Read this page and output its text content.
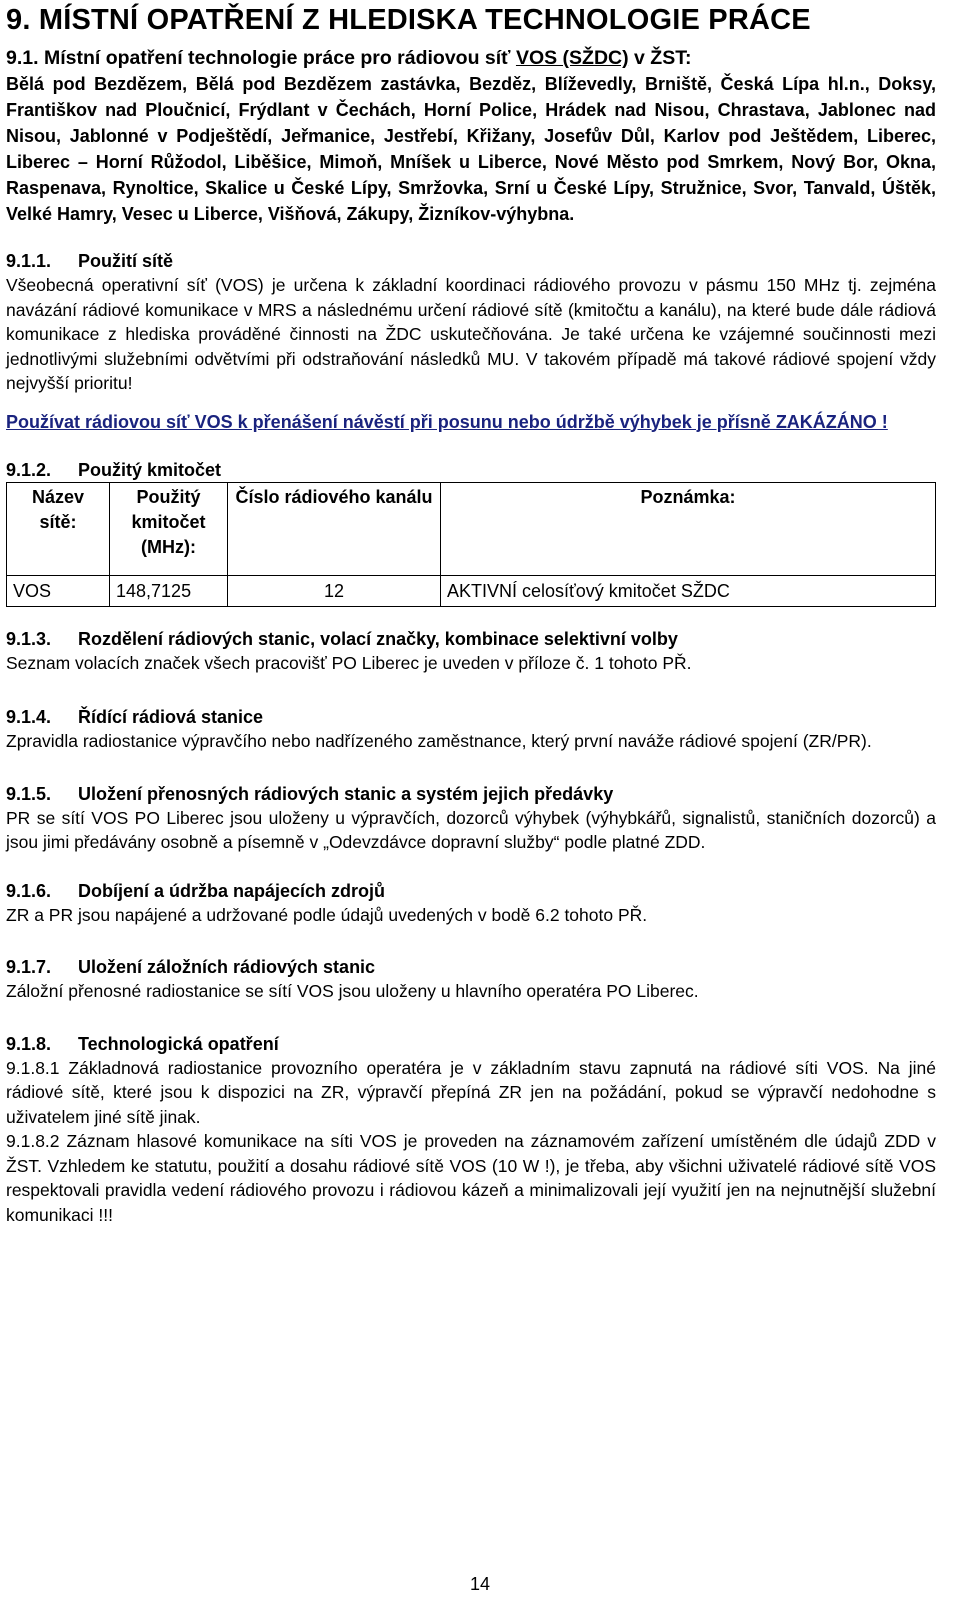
9. MÍSTNÍ OPATŘENÍ Z HLEDISKA TECHNOLOGIE PRÁCE
9.1. Místní opatření technologie práce pro rádiovou síť VOS (SŽDC) v ŽST:
Bělá pod Bezdězem, Bělá pod Bezdězem zastávka, Bezděz, Blíževedly, Brniště, Česká Lípa hl.n., Doksy, Františkov nad Ploučnicí, Frýdlant v Čechách, Horní Police, Hrádek nad Nisou, Chrastava, Jablonec nad Nisou, Jablonné v Podještědí, Jeřmanice, Jestřebí, Křižany, Josefův Důl, Karlov pod Ještědem, Liberec, Liberec – Horní Růžodol, Liběšice, Mimoň, Mníšek u Liberce, Nové Město pod Smrkem, Nový Bor, Okna, Raspenava, Rynoltice, Skalice u České Lípy, Smržovka, Srní u České Lípy, Stružnice, Svor, Tanvald, Úštěk, Velké Hamry, Vesec u Liberce, Višňová, Zákupy, Žizníkov-výhybna.
9.1.1. Použití sítě
Všeobecná operativní síť (VOS) je určena k základní koordinaci rádiového provozu v pásmu 150 MHz tj. zejména navázání rádiové komunikace v MRS a následnému určení rádiové sítě (kmitočtu a kanálu), na které bude dále rádiová komunikace z hlediska prováděné činnosti na ŽDC uskutečňována. Je také určena ke vzájemné součinnosti mezi jednotlivými služebními odvětvími při odstraňování následků MU. V takovém případě má takové rádiové spojení vždy nejvyšší prioritu!
Používat rádiovou síť VOS k přenášení návěstí při posunu nebo údržbě výhybek je přísně ZAKÁZÁNO !
9.1.2. Použitý kmitočet
Název sítě:	Použitý kmitočet (MHz):	Číslo rádiového kanálu	Poznámka:
VOS	148,7125	12	AKTIVNÍ celosíťový kmitočet SŽDC
9.1.3. Rozdělení rádiových stanic, volací značky, kombinace selektivní volby
Seznam volacích značek všech pracovišť PO Liberec je uveden v příloze č. 1 tohoto PŘ.
9.1.4. Řídící rádiová stanice
Zpravidla radiostanice výpravčího nebo nadřízeného zaměstnance, který první naváže rádiové spojení (ZR/PR).
9.1.5. Uložení přenosných rádiových stanic a systém jejich předávky
PR se sítí VOS PO Liberec jsou uloženy u výpravčích, dozorců výhybek (výhybkářů, signalistů, staničních dozorců) a jsou jimi předávány osobně a písemně v „Odevzdávce dopravní služby“ podle platné ZDD.
9.1.6. Dobíjení a údržba napájecích zdrojů
ZR a PR jsou napájené a udržované podle údajů uvedených v bodě 6.2 tohoto PŘ.
9.1.7. Uložení záložních rádiových stanic
Záložní přenosné radiostanice se sítí VOS jsou uloženy u hlavního operatéra PO Liberec.
9.1.8. Technologická opatření
9.1.8.1 Základnová radiostanice provozního operatéra je v základním stavu zapnutá na rádiové síti VOS. Na jiné rádiové sítě, které jsou k dispozici na ZR, výpravčí přepíná ZR jen na požádání, pokud se výpravčí nedohodne s uživatelem jiné sítě jinak.
9.1.8.2 Záznam hlasové komunikace na síti VOS je proveden na záznamovém zařízení umístěném dle údajů ZDD v ŽST. Vzhledem ke statutu, použití a dosahu rádiové sítě VOS (10 W !), je třeba, aby všichni uživatelé rádiové sítě VOS respektovali pravidla vedení rádiového provozu i rádiovou kázeň a minimalizovali její využití jen na nejnutnější služební komunikaci !!!
14
